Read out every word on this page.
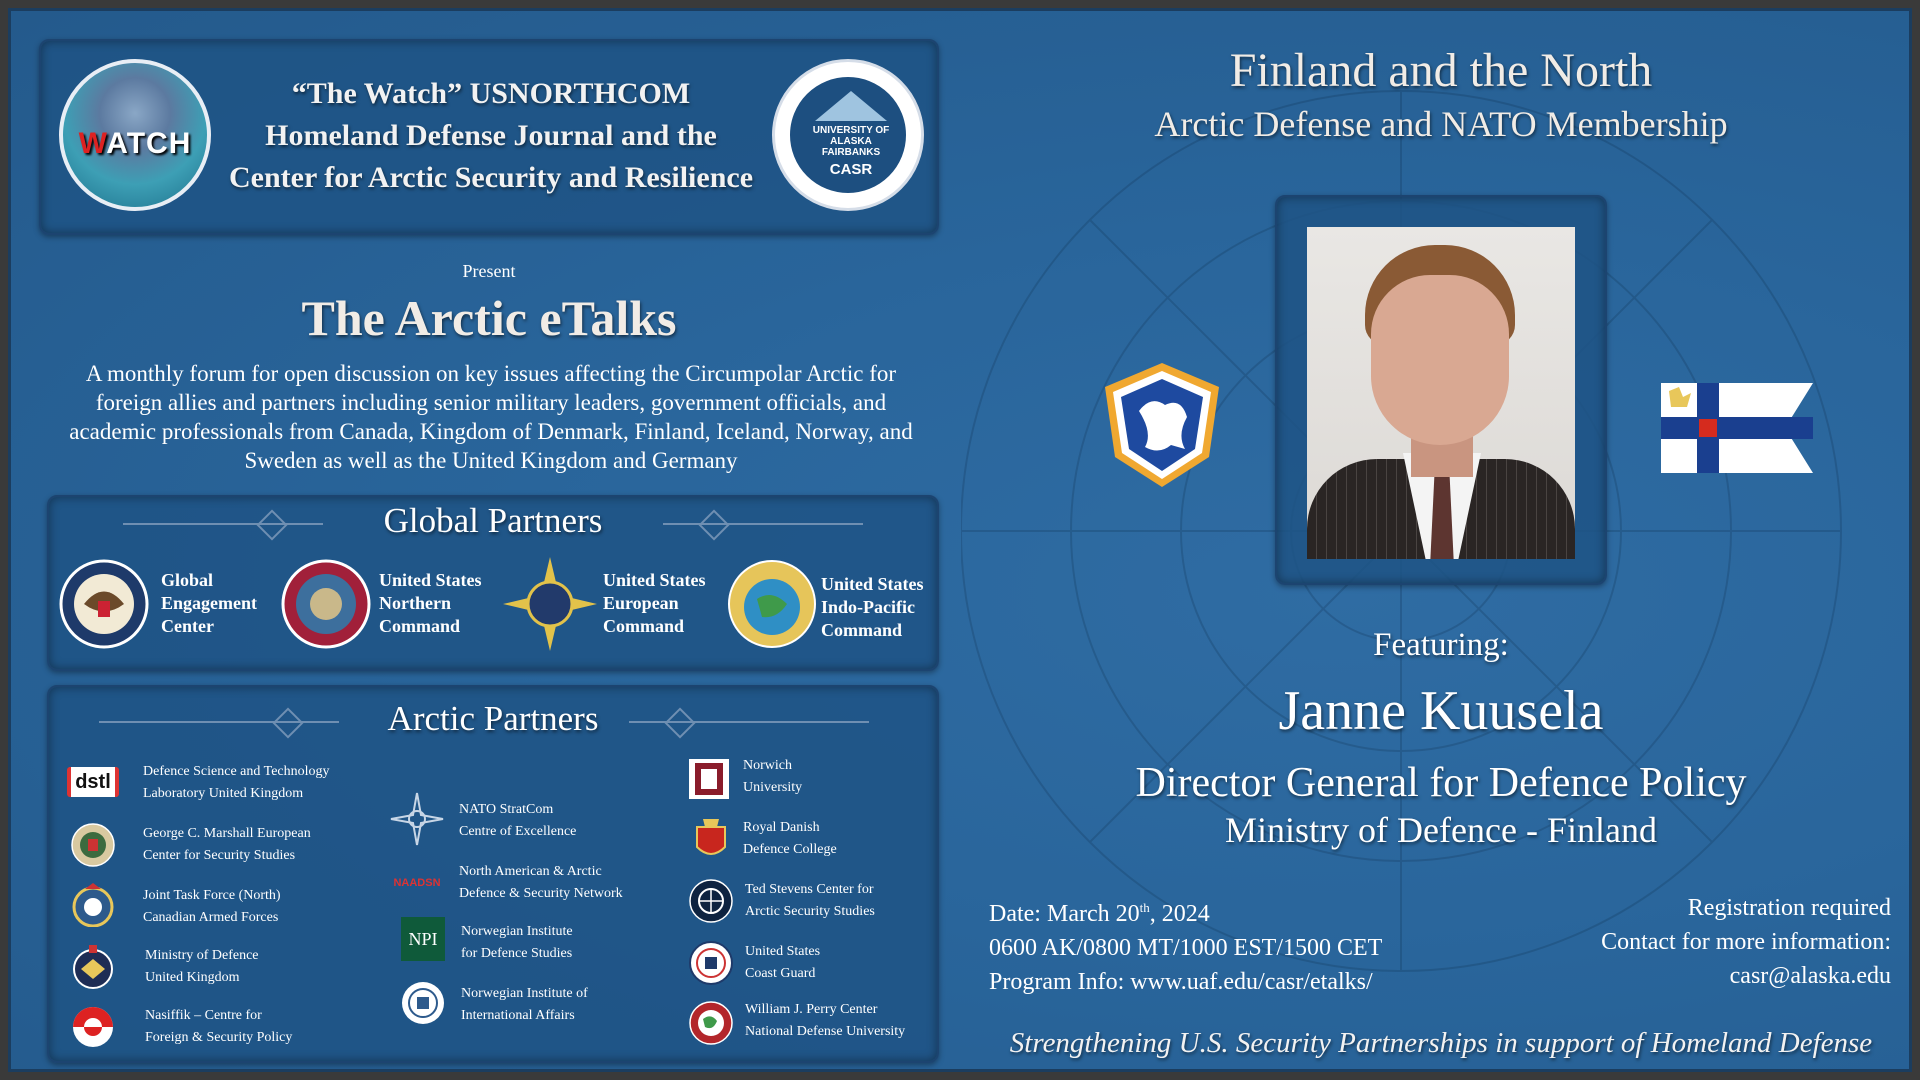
WATCH
“The Watch” USNORTHCOM
Homeland Defense Journal and the
Center for Arctic Security and Resilience
UNIVERSITY OF
ALASKA
FAIRBANKS
CASR
Present
The Arctic eTalks
A monthly forum for open discussion on key issues affecting the Circumpolar Arctic for foreign allies and partners including senior military leaders, government officials, and academic professionals from Canada, Kingdom of Denmark, Finland, Iceland, Norway, and Sweden as well as the United Kingdom and Germany
Global Partners
Global
Engagement
Center
United States
Northern
Command
United States
European
Command
United States
Indo-Pacific
Command
Arctic Partners
dstl	Defence Science and Technology
Laboratory United Kingdom
George C. Marshall European
Center for Security Studies
Joint Task Force (North)
Canadian Armed Forces
Ministry of Defence
United Kingdom
Nasiffik – Centre for
Foreign & Security Policy
NATO StratCom
Centre of Excellence
NAADSN
North American & Arctic
Defence & Security Network
NPI	Norwegian Institute
for Defence Studies
Norwegian Institute of
International Affairs
Norwich
University
Royal Danish
Defence College
Ted Stevens Center for
Arctic Security Studies
United States
Coast Guard
William J. Perry Center
National Defense University
Finland and the North
Arctic Defense and NATO Membership
Featuring:
Janne Kuusela
Director General for Defence Policy
Ministry of Defence - Finland
Date: March 20th, 2024
0600 AK/0800 MT/1000 EST/1500 CET
Program Info: www.uaf.edu/casr/etalks/
Registration required
Contact for more information:
casr@alaska.edu
Strengthening U.S. Security Partnerships in support of Homeland Defense
